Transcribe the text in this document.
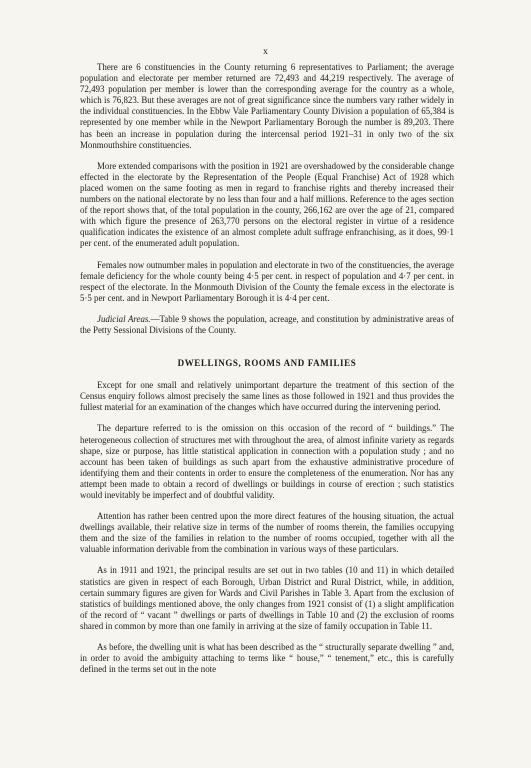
x

There are 6 constituencies in the County returning 6 representatives to Parliament; the average population and electorate per member returned are 72,493 and 44,219 respectively. The average of 72,493 population per member is lower than the corresponding average for the country as a whole, which is 76,823. But these averages are not of great significance since the numbers vary rather widely in the individual constituencies. In the Ebbw Vale Parliamentary County Division a population of 65,384 is represented by one member while in the Newport Parliamentary Borough the number is 89,203. There has been an increase in population during the intercensal period 1921–31 in only two of the six Monmouthshire constituencies.

More extended comparisons with the position in 1921 are overshadowed by the considerable change effected in the electorate by the Representation of the People (Equal Franchise) Act of 1928 which placed women on the same footing as men in regard to franchise rights and thereby increased their numbers on the national electorate by no less than four and a half millions. Reference to the ages section of the report shows that, of the total population in the county, 266,162 are over the age of 21, compared with which figure the presence of 263,770 persons on the electoral register in virtue of a residence qualification indicates the existence of an almost complete adult suffrage enfranchising, as it does, 99·1 per cent. of the enumerated adult population.

Females now outnumber males in population and electorate in two of the constituencies, the average female deficiency for the whole county being 4·5 per cent. in respect of population and 4·7 per cent. in respect of the electorate. In the Monmouth Division of the County the female excess in the electorate is 5·5 per cent. and in Newport Parliamentary Borough it is 4·4 per cent.

Judicial Areas.—Table 9 shows the population, acreage, and constitution by administrative areas of the Petty Sessional Divisions of the County.

DWELLINGS, ROOMS AND FAMILIES

Except for one small and relatively unimportant departure the treatment of this section of the Census enquiry follows almost precisely the same lines as those followed in 1921 and thus provides the fullest material for an examination of the changes which have occurred during the intervening period.

The departure referred to is the omission on this occasion of the record of “ buildings.” The heterogeneous collection of structures met with throughout the area, of almost infinite variety as regards shape, size or purpose, has little statistical application in connection with a population study ; and no account has been taken of buildings as such apart from the exhaustive administrative procedure of identifying them and their contents in order to ensure the completeness of the enumeration. Nor has any attempt been made to obtain a record of dwellings or buildings in course of erection ; such statistics would inevitably be imperfect and of doubtful validity.

Attention has rather been centred upon the more direct features of the housing situation, the actual dwellings available, their relative size in terms of the number of rooms therein, the families occupying them and the size of the families in relation to the number of rooms occupied, together with all the valuable information derivable from the combination in various ways of these particulars.

As in 1911 and 1921, the principal results are set out in two tables (10 and 11) in which detailed statistics are given in respect of each Borough, Urban District and Rural District, while, in addition, certain summary figures are given for Wards and Civil Parishes in Table 3. Apart from the exclusion of statistics of buildings mentioned above, the only changes from 1921 consist of (1) a slight amplification of the record of “ vacant ” dwellings or parts of dwellings in Table 10 and (2) the exclusion of rooms shared in common by more than one family in arriving at the size of family occupation in Table 11.

As before, the dwelling unit is what has been described as the “ structurally separate dwelling ” and, in order to avoid the ambiguity attaching to terms like “ house,” “ tenement,” etc., this is carefully defined in the terms set out in the note
